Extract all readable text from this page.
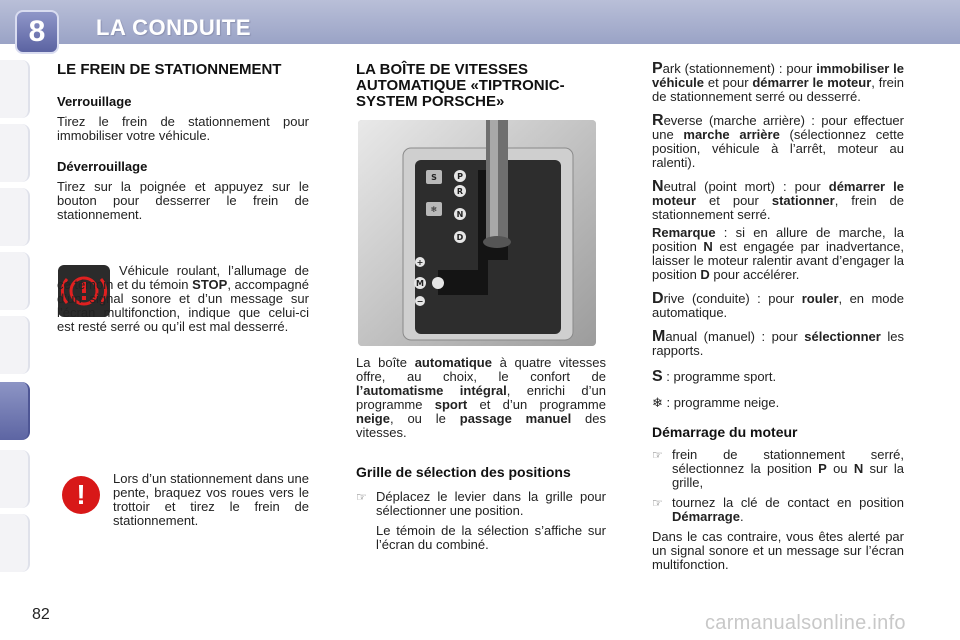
8	LA CONDUITE
LE FREIN DE STATIONNEMENT
Verrouillage

Tirez le frein de stationnement pour immobiliser votre véhicule.

Déverrouillage

Tirez sur la poignée et appuyez sur le bouton pour desserrer le frein de stationnement.

Véhicule roulant, l’allumage de ce témoin et du témoin STOP, accompagné d’un signal sonore et d’un message sur l’écran multifonction, indique que celui-ci est resté serré ou qu’il est mal desserré.

!

Lors d’un stationnement dans une pente, braquez vos roues vers le trottoir et tirez le frein de stationnement.

LA BOÎTE DE VITESSES AUTOMATIQUE «TIPTRONIC-SYSTEM PORSCHE»
P
R
N
D
M
+
−
S
❄

La boîte automatique à quatre vitesses offre, au choix, le confort de l’automatisme intégral, enrichi d’un programme sport et d’un programme neige, ou le passage manuel des vitesses.

Grille de sélection des positions
☞ Déplacez le levier dans la grille pour sélectionner une position.

Le témoin de la sélection s’affiche sur l’écran du combiné.

Park (stationnement) : pour immobiliser le véhicule et pour démarrer le moteur, frein de stationnement serré ou desserré.

Reverse (marche arrière) : pour effectuer une marche arrière (sélectionnez cette position, véhicule à l’arrêt, moteur au ralenti).

Neutral (point mort) : pour démarrer le moteur et pour stationner, frein de stationnement serré.

Remarque : si en allure de marche, la position N est engagée par inadvertance, laisser le moteur ralentir avant d’engager la position D pour accélérer.

Drive (conduite) : pour rouler, en mode automatique.

Manual (manuel) : pour sélectionner les rapports.

S : programme sport.

❄ : programme neige.

Démarrage du moteur
☞ frein de stationnement serré, sélectionnez la position P ou N sur la grille,

☞ tournez la clé de contact en position Démarrage.

Dans le cas contraire, vous êtes alerté par un signal sonore et un message sur l’écran multifonction.

82	carmanualsonline.info
